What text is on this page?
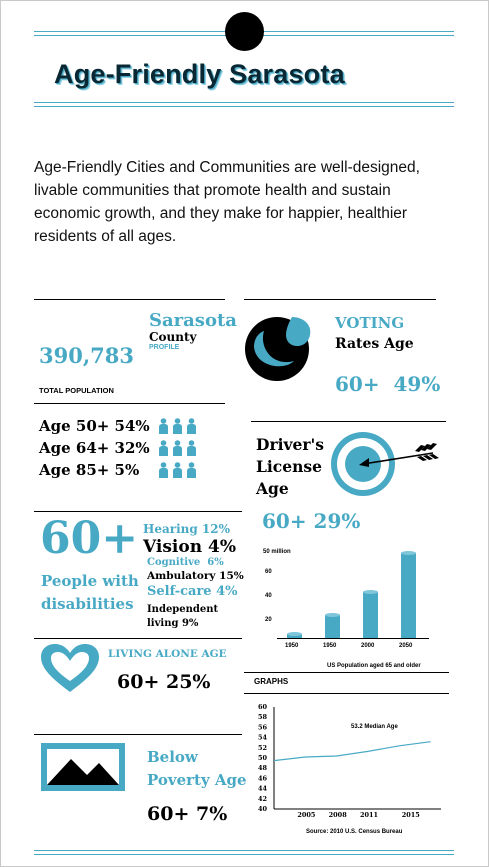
Age-Friendly Sarasota
Age-Friendly Cities and Communities are well-designed, livable communities that promote health and sustain economic growth, and they make for happier, healthier residents of all ages.
Sarasota
County
PROFILE
390,783
TOTAL POPULATION
Age 50+ 54%
Age 64+ 32%
Age 85+ 5%
VOTING
Rates Age
60+  49%
Driver's
License
Age
60+ 29%
60+
People with
disabilities
Hearing 12%
Vision 4%
Cognitive  6%
Ambulatory 15%
Self-care 4%
Independent
living 9%
LIVING ALONE AGE
60+ 25%
Below
Poverty Age
60+ 7%
50 million
60
40
20
1950	1950	2000	2050
US Population aged 65 and older
GRAPHS
60
58
56
54
52
50
48
46
44
42
40
2005 2008 2011	2015
53.2 Median Age
Source: 2010 U.S. Census Bureau
